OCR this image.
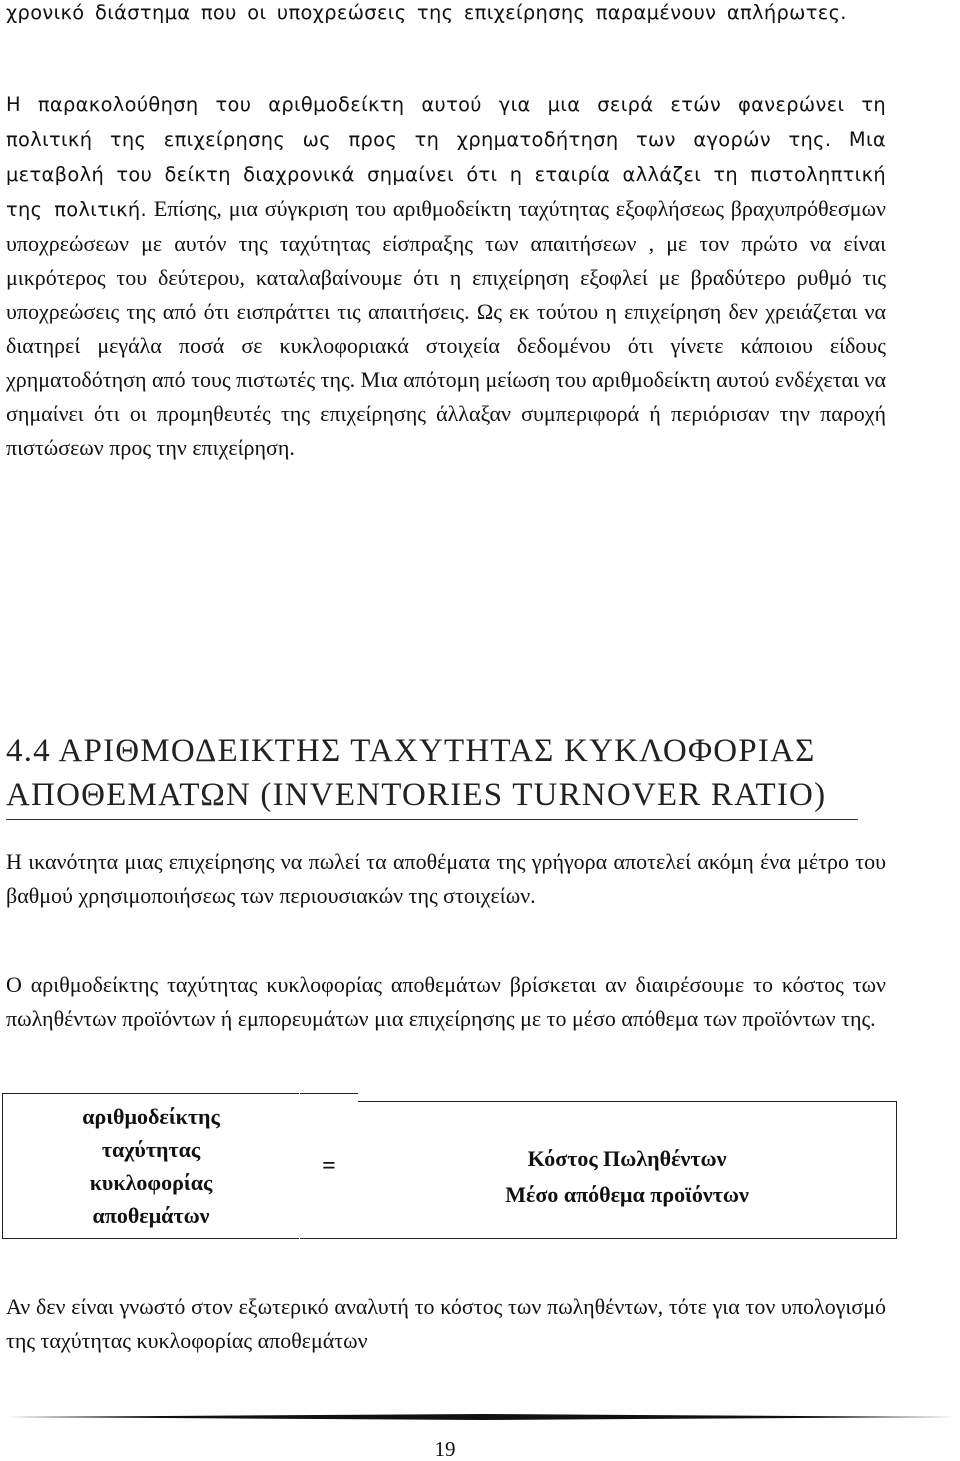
χρονικό διάστημα που οι υποχρεώσεις της επιχείρησης παραμένουν απλήρωτες.

Η παρακολούθηση του αριθμοδείκτη αυτού για μια σειρά ετών φανερώνει τη πολιτική της επιχείρησης ως προς τη χρηματοδήτηση των αγορών της. Μια μεταβολή του δείκτη διαχρονικά σημαίνει ότι η εταιρία αλλάζει τη πιστοληπτική της πολιτική. Επίσης, μια σύγκριση του αριθμοδείκτη ταχύτητας εξοφλήσεως βραχυπρόθεσμων υποχρεώσεων με αυτόν της ταχύτητας είσπραξης των απαιτήσεων , με τον πρώτο να είναι μικρότερος του δεύτερου, καταλαβαίνουμε ότι η επιχείρηση εξοφλεί με βραδύτερο ρυθμό τις υποχρεώσεις της από ότι εισπράττει τις απαιτήσεις. Ως εκ τούτου η επιχείρηση δεν χρειάζεται να διατηρεί μεγάλα ποσά σε κυκλοφοριακά στοιχεία δεδομένου ότι γίνετε κάποιου είδους χρηματοδότηση από τους πιστωτές της. Μια απότομη μείωση του αριθμοδείκτη αυτού ενδέχεται να σημαίνει ότι οι προμηθευτές της επιχείρησης άλλαξαν συμπεριφορά ή περιόρισαν την παροχή πιστώσεων προς την επιχείρηση.

4.4 ΑΡΙΘΜΟΔΕΙΚΤΗΣ ΤΑΧΥΤΗΤΑΣ ΚΥΚΛΟΦΟΡΙΑΣ
ΑΠΟΘΕΜΑΤΩΝ (INVENTORIES TURNOVER RATIO)

Η ικανότητα μιας επιχείρησης να πωλεί τα αποθέματα της γρήγορα αποτελεί ακόμη ένα μέτρο του βαθμού χρησιμοποιήσεως των περιουσιακών της στοιχείων.

Ο αριθμοδείκτης ταχύτητας κυκλοφορίας αποθεμάτων βρίσκεται αν διαιρέσουμε το κόστος των πωληθέντων προϊόντων ή εμπορευμάτων μια επιχείρησης με το μέσο απόθεμα των προϊόντων της.

αριθμοδείκτης
ταχύτητας
κυκλοφορίας
αποθεμάτων
=	Κόστος Πωληθέντων
Μέσο απόθεμα προϊόντων

Αν δεν είναι γνωστό στον εξωτερικό αναλυτή το κόστος των πωληθέντων, τότε για τον υπολογισμό της ταχύτητας κυκλοφορίας αποθεμάτων

19
